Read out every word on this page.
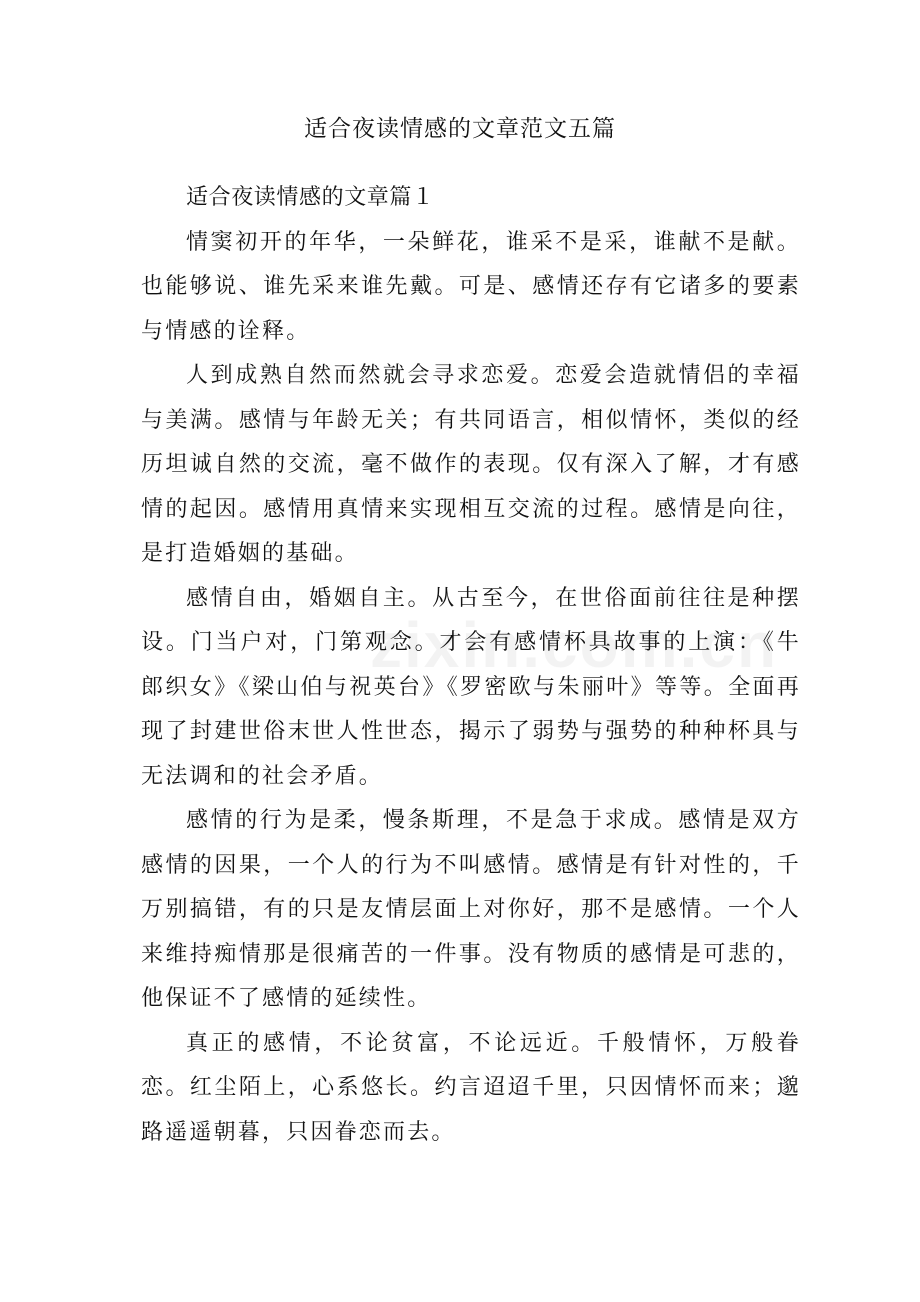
适合夜读情感的文章范文五篇

适合夜读情感的文章篇１

情窦初开的年华，一朵鲜花，谁采不是采，谁献不是献。也能够说、谁先采来谁先戴。可是、感情还存有它诸多的要素与情感的诠释。

人到成熟自然而然就会寻求恋爱。恋爱会造就情侣的幸福与美满。感情与年龄无关；有共同语言，相似情怀，类似的经历坦诚自然的交流，毫不做作的表现。仅有深入了解，才有感情的起因。感情用真情来实现相互交流的过程。感情是向往，是打造婚姻的基础。

感情自由，婚姻自主。从古至今，在世俗面前往往是种摆设。门当户对，门第观念。才会有感情杯具故事的上演：《牛郎织女》《梁山伯与祝英台》《罗密欧与朱丽叶》等等。全面再现了封建世俗末世人性世态，揭示了弱势与强势的种种杯具与无法调和的社会矛盾。

感情的行为是柔，慢条斯理，不是急于求成。感情是双方感情的因果，一个人的行为不叫感情。感情是有针对性的，千万别搞错，有的只是友情层面上对你好，那不是感情。一个人来维持痴情那是很痛苦的一件事。没有物质的感情是可悲的，他保证不了感情的延续性。

真正的感情，不论贫富，不论远近。千般情怀，万般眷恋。红尘陌上，心系悠长。约言迢迢千里，只因情怀而来；邈路遥遥朝暮，只因眷恋而去。
